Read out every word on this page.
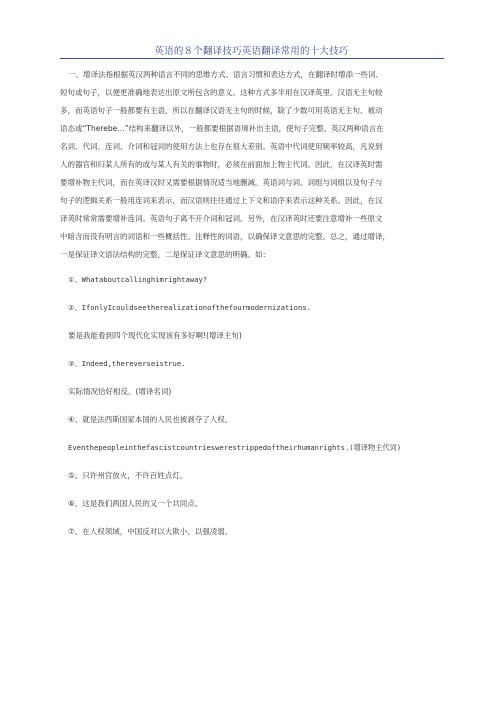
英语的８个翻译技巧英语翻译常用的十大技巧
一、增译法指根据英汉两种语言不同的思维方式、语言习惯和表达方式，在翻译时增添一些词、
短句或句子，以便更准确地表达出原文所包含的意义。这种方式多半用在汉译英里。汉语无主句较
多，而英语句子一般都要有主语，所以在翻译汉语无主句的时候，除了少数可用英语无主句、被动
语态或“Therebe…”结构来翻译以外，一般都要根据语境补出主语，使句子完整。英汉两种语言在
名词、代词、连词、介词和冠词的使用方法上也存在很大差别。英语中代词使用频率较高，凡说到
人的器官和归某人所有的或与某人有关的事物时，必须在前面加上物主代词。因此，在汉译英时需
要增补物主代词，而在英译汉时又需要根据情况适当地删减。英语词与词、词组与词组以及句子与
句子的逻辑关系一般用连词来表示，而汉语则往往通过上下文和语序来表示这种关系。因此，在汉
译英时常常需要增补连词。英语句子离不开介词和冠词。另外，在汉译英时还要注意增补一些原文
中暗含而没有明言的词语和一些概括性、注释性的词语，以确保译文意思的完整。总之，通过增译，
一是保证译文语法结构的完整，二是保证译文意思的明确。如：
①、Whataboutcallinghimrightaway?
②、IfonlyIcouldseetherealizationofthefourmodernizations.
要是我能看到四个现代化实现该有多好啊!(增译主句)
③、Indeed,thereverseistrue.
实际情况恰好相反。(增译名词)
④、就是法西斯国家本国的人民也被剥夺了人权。
Eventhepeopleinthefascistcountrieswerestrippedoftheirhumanrights.(增译物主代词)
⑤、只许州官放火，不许百姓点灯。
⑥、这是我们两国人民的又一个共同点。
⑦、在人权领域，中国反对以大欺小、以强凌弱。
